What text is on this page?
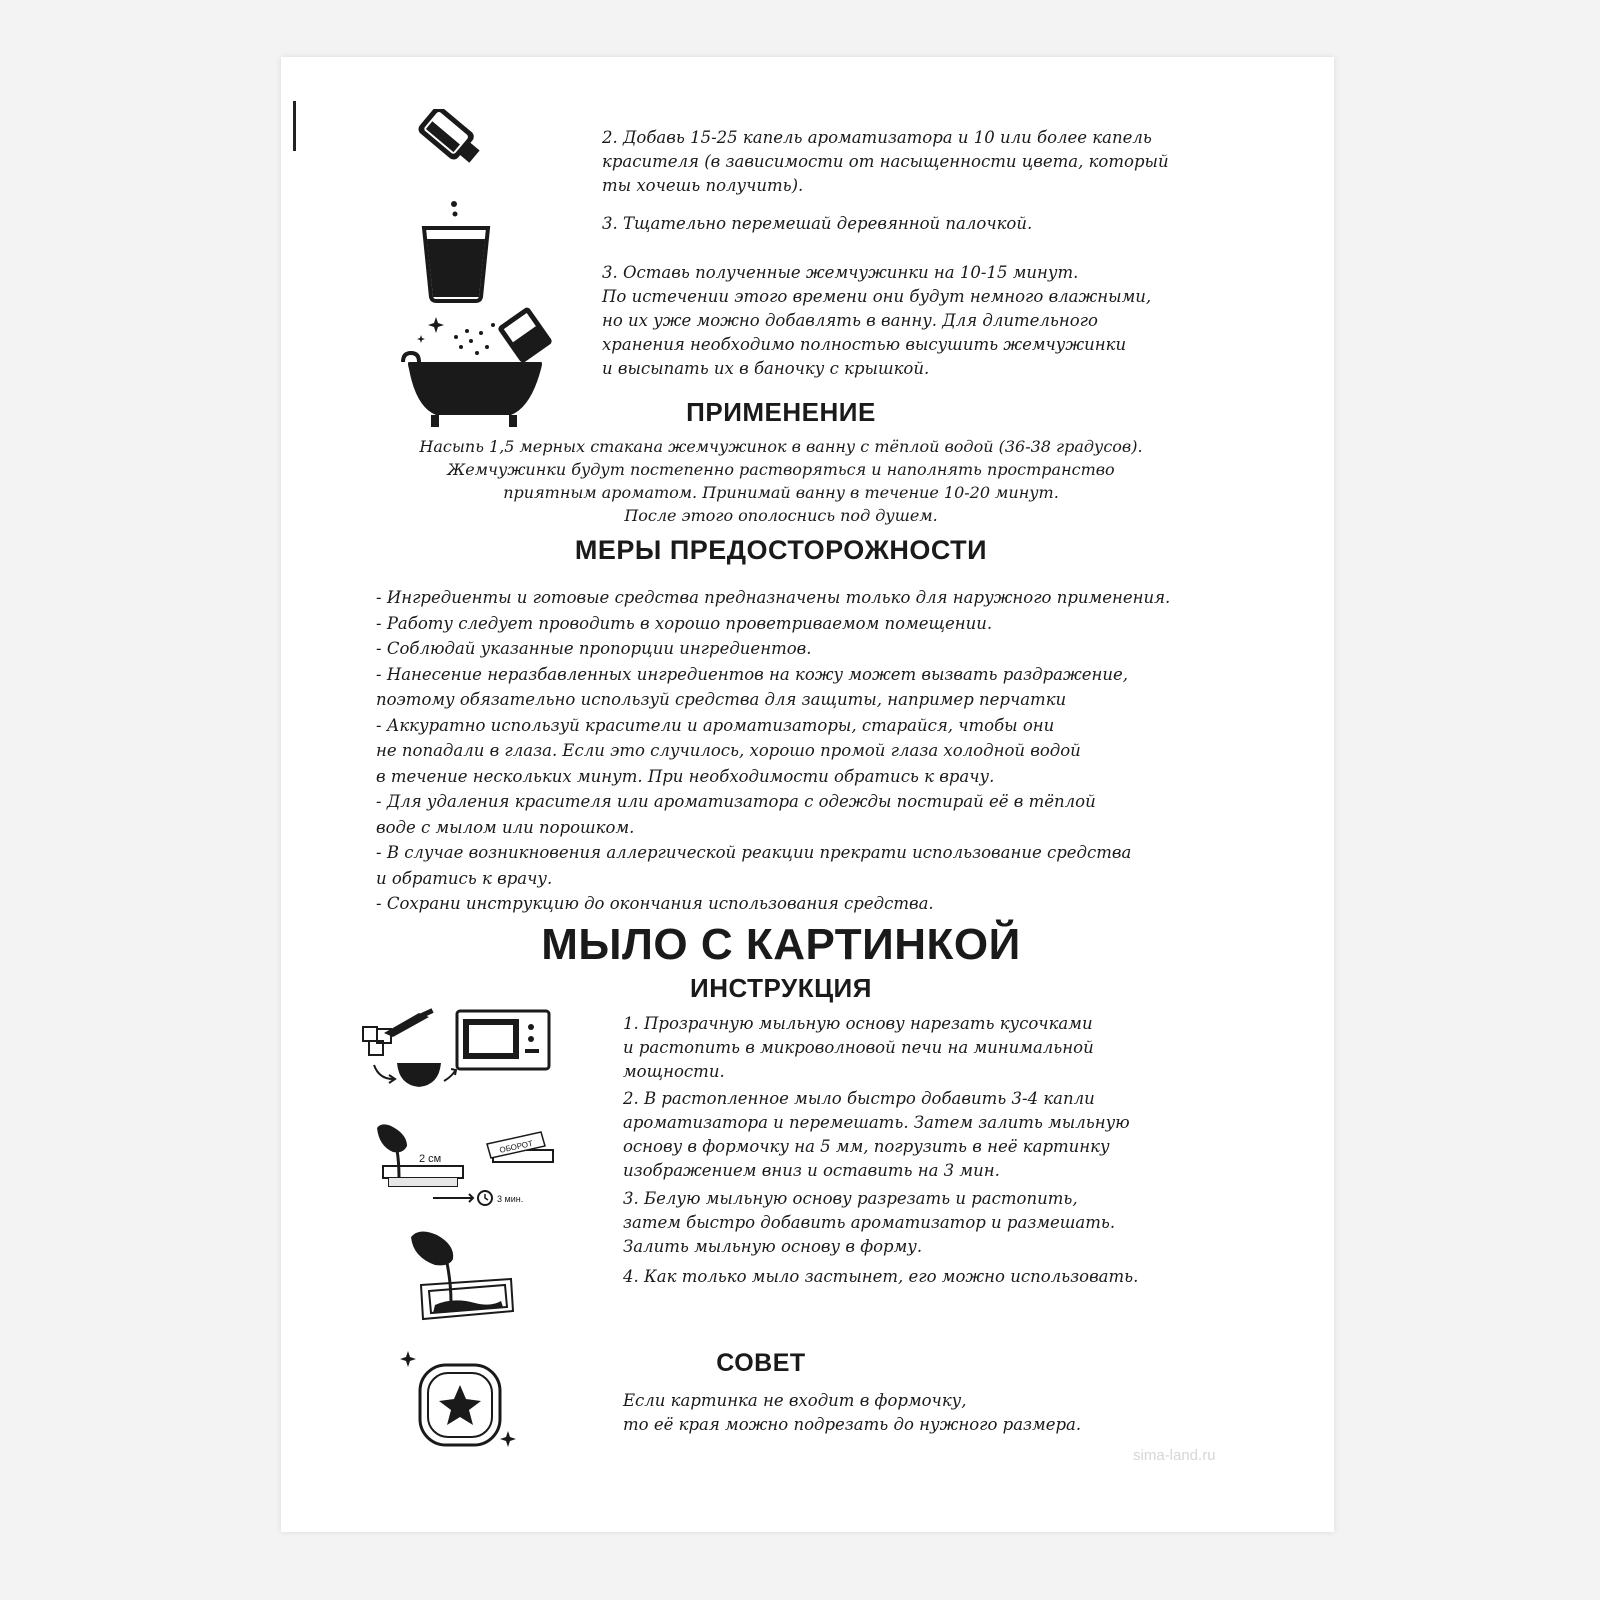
2. Добавь 15-25 капель ароматизатора и 10 или более капель
красителя (в зависимости от насыщенности цвета, который
ты хочешь получить).

3. Тщательно перемешай деревянной палочкой.

3. Оставь полученные жемчужинки на 10-15 минут.
По истечении этого времени они будут немного влажными,
но их уже можно добавлять в ванну. Для длительного
хранения необходимо полностью высушить жемчужинки
и высыпать их в баночку с крышкой.

ПРИМЕНЕНИЕ

Насыпь 1,5 мерных стакана жемчужинок в ванну с тёплой водой (36-38 градусов).

Жемчужинки будут постепенно растворяться и наполнять пространство

приятным ароматом. Принимай ванну в течение 10-20 минут.

После этого ополоснись под душем.

МЕРЫ ПРЕДОСТОРОЖНОСТИ

- Ингредиенты и готовые средства предназначены только для наружного применения.

- Работу следует проводить в хорошо проветриваемом помещении.

- Соблюдай указанные пропорции ингредиентов.

- Нанесение неразбавленных ингредиентов на кожу может вызвать раздражение,
поэтому обязательно используй средства для защиты, например перчатки

- Аккуратно используй красители и ароматизаторы, старайся, чтобы они
не попадали в глаза. Если это случилось, хорошо промой глаза холодной водой
в течение нескольких минут. При необходимости обратись к врачу.

- Для удаления красителя или ароматизатора с одежды постирай её в тёплой
воде с мылом или порошком.

- В случае возникновения аллергической реакции прекрати использование средства
и обратись к врачу.

- Сохрани инструкцию до окончания использования средства.

МЫЛО С КАРТИНКОЙ
ИНСТРУКЦИЯ
2 см
ОБОРОТ
3 мин.

1. Прозрачную мыльную основу нарезать кусочками
и растопить в микроволновой печи на минимальной
мощности.

2. В растопленное мыло быстро добавить 3-4 капли
ароматизатора и перемешать. Затем залить мыльную
основу в формочку на 5 мм, погрузить в неё картинку
изображением вниз и оставить на 3 мин.

3. Белую мыльную основу разрезать и растопить,
затем быстро добавить ароматизатор и размешать.
Залить мыльную основу в форму.

4. Как только мыло застынет, его можно использовать.

СОВЕТ

Если картинка не входит в формочку,
то её края можно подрезать до нужного размера.

sima-land.ru
